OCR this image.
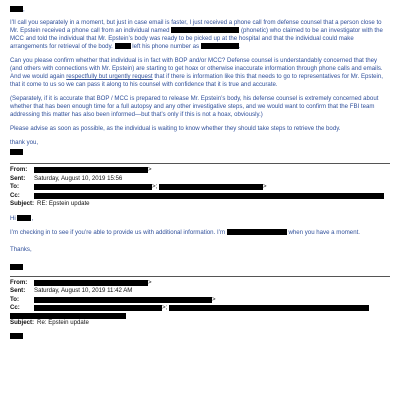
,
I’ll call you separately in a moment, but just in case email is faster, I just received a phone call from defense counsel that a person close to Mr. Epstein received a phone call from an individual named	(phonetic) who claimed to be an investigator with the MCC and told the individual that Mr. Epstein’s body was ready to be picked up at the hospital and that the individual could make arrangements for retrieval of the body.	left his phone number as	.
Can you please confirm whether that individual is in fact with BOP and/or MCC? Defense counsel is understandably concerned that they (and others with connections with Mr. Epstein) are starting to get hoax or otherwise inaccurate information through phone calls and emails. And we would again respectfully but urgently request that if there is information like this that needs to go to representatives for Mr. Epstein, that it come to us so we can pass it along to his counsel with confidence that it is true and accurate.
(Separately, if it is accurate that BOP / MCC is prepared to release Mr. Epstein’s body, his defense counsel is extremely concerned about whether that has been enough time for a full autopsy and any other investigative steps, and we would want to confirm that the FBI team addressing this matter has also been informed—but that’s only if this is not a hoax, obviously.)
Please advise as soon as possible, as the individual is waiting to know whether they should take steps to retrieve the body.
thank you,
From:	>
Sent:	Saturday, August 10, 2019 15:56
To:	>;	>
Cc:
Subject: RE: Epstein update
Hi	,
I’m checking in to see if you’re able to provide us with additional information. I’m	when you have a moment.
Thanks,
From:	>
Sent:	Saturday, August 10, 2019 11:42 AM
To:	>
Cc:	>;
Subject: Re: Epstein update
